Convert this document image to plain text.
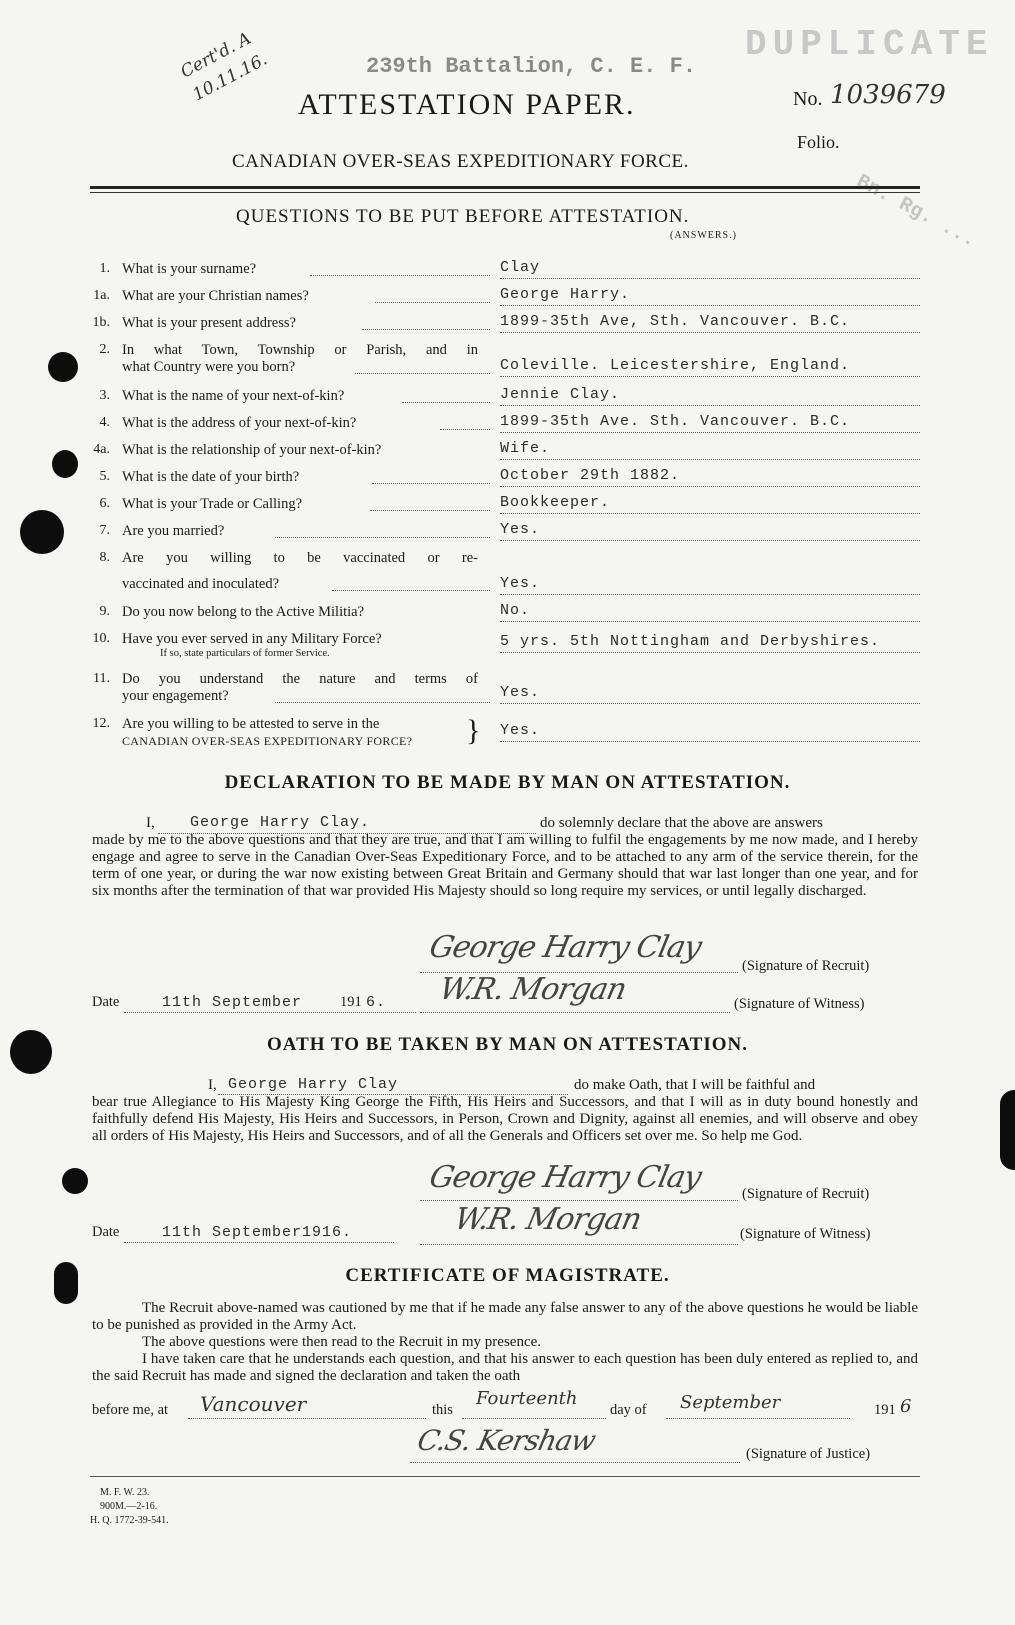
239th Battalion, C. E. F.
DUPLICATE
Cert'd. A 10.11.16. ATTESTATION PAPER.	No. 1039679
Folio.
CANADIAN OVER-SEAS EXPEDITIONARY FORCE.
Bn. Rg. ...
QUESTIONS TO BE PUT BEFORE ATTESTATION.
(ANSWERS.)
1. What is your surname?	Clay
1a. What are your Christian names?	George Harry.
1b. What is your present address?	1899-35th Ave, Sth. Vancouver. B.C.
2. In what Town, Township or Parish, and in
what Country were you born?	Coleville. Leicestershire, England.
3. What is the name of your next-of-kin?	Jennie Clay.
4. What is the address of your next-of-kin?	1899-35th Ave. Sth. Vancouver. B.C.
4a. What is the relationship of your next-of-kin?	Wife.
5. What is the date of your birth?	October 29th 1882.
6. What is your Trade or Calling?	Bookkeeper.
7. Are you married?	Yes.
8. Are you willing to be vaccinated or re-
vaccinated and inoculated?	Yes.
9. Do you now belong to the Active Militia?	No.
10. Have you ever served in any Military Force?
If so, state particulars of former Service.
5 yrs. 5th Nottingham and Derbyshires.
11. Do you understand the nature and terms of
your engagement?	Yes.
12. Are you willing to be attested to serve in the
CANADIAN OVER-SEAS EXPEDITIONARY FORCE? } Yes.
DECLARATION TO BE MADE BY MAN ON ATTESTATION.
I, George Harry Clay.	do solemnly declare that the above are answers
made by me to the above questions and that they are true, and that I am willing to fulfil the engagements by me now made, and I hereby engage and agree to serve in the Canadian Over-Seas Expeditionary Force, and to be attached to any arm of the service therein, for the term of one year, or during the war now existing between Great Britain and Germany should that war last longer than one year, and for six months after the termination of that war provided His Majesty should so long require my services, or until legally discharged.
George Harry Clay
(Signature of Recruit)
Date	11th September	191 6. W.R. Morgan	(Signature of Witness)
OATH TO BE TAKEN BY MAN ON ATTESTATION.
I, George Harry Clay	do make Oath, that I will be faithful and
bear true Allegiance to His Majesty King George the Fifth, His Heirs and Successors, and that I will as in duty bound honestly and faithfully defend His Majesty, His Heirs and Successors, in Person, Crown and Dignity, against all enemies, and will observe and obey all orders of His Majesty, His Heirs and Successors, and of all the Generals and Officers set over me. So help me God.
George Harry Clay	(Signature of Recruit)
Date	11th September1916.	W.R. Morgan	(Signature of Witness)
CERTIFICATE OF MAGISTRATE.
The Recruit above-named was cautioned by me that if he made any false answer to any of the above questions he would be liable to be punished as provided in the Army Act.
The above questions were then read to the Recruit in my presence.
I have taken care that he understands each question, and that his answer to each question has been duly entered as replied to, and the said Recruit has made and signed the declaration and taken the oath
before me, at Vancouver	this
Fourteenth
day of September	191 6
C.S. Kershaw	(Signature of Justice)
M. F. W. 23.
900M.—2-16.
H. Q. 1772-39-541.
